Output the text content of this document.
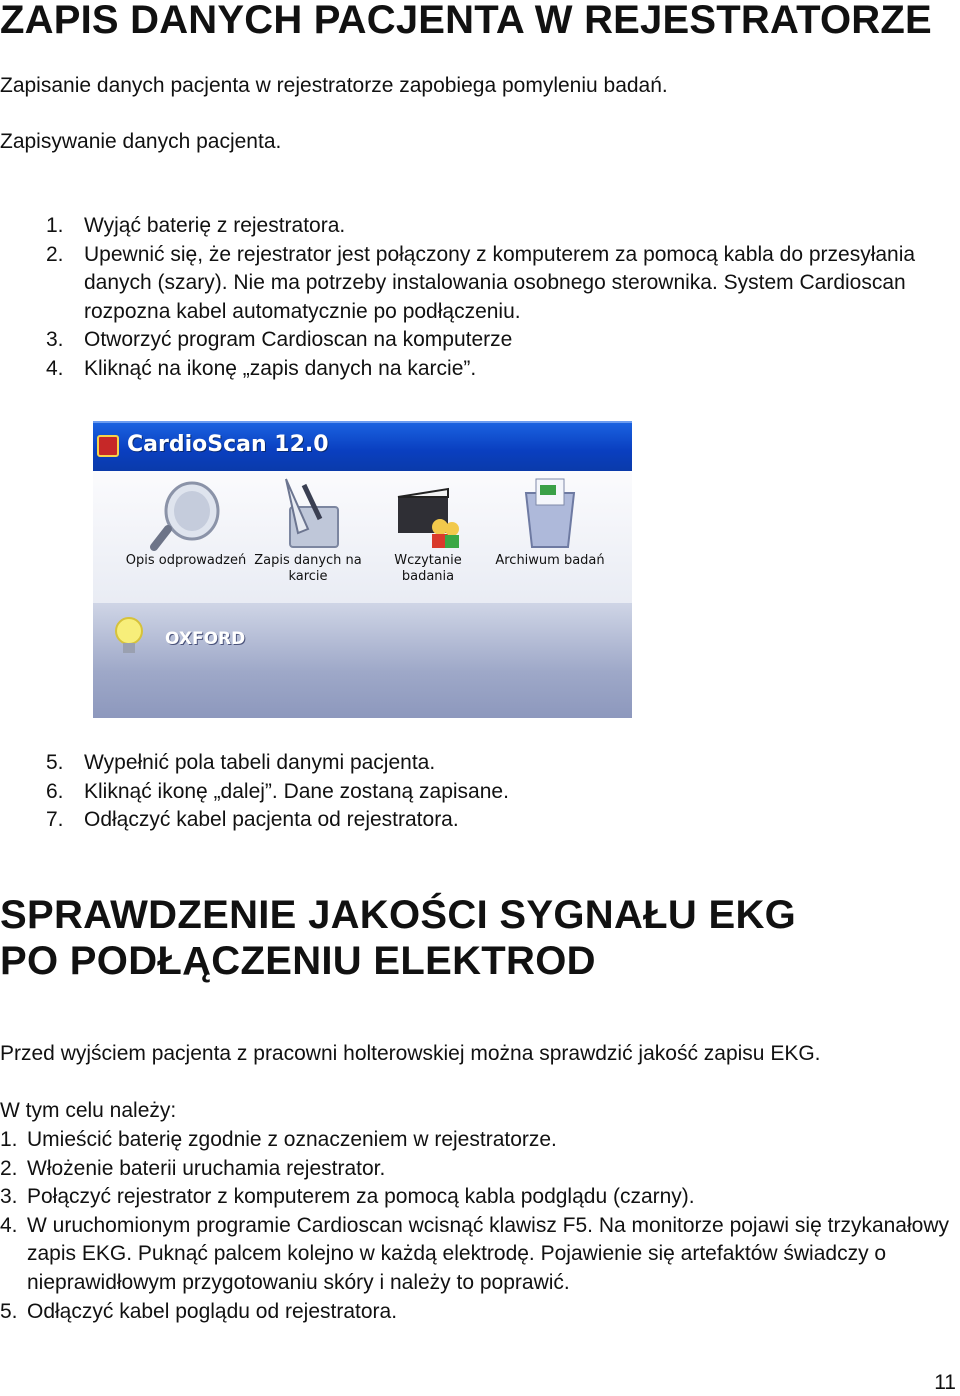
ZAPIS DANYCH PACJENTA W REJESTRATORZE

Zapisanie danych pacjenta w rejestratorze zapobiega pomyleniu badań.

Zapisywanie danych pacjenta.

1. Wyjąć baterię z rejestratora.
2. Upewnić się, że rejestrator jest połączony z komputerem za pomocą kabla do przesyłania danych (szary). Nie ma potrzeby instalowania osobnego sterownika. System Cardioscan rozpozna kabel automatycznie po podłączeniu.
3. Otworzyć program Cardioscan na komputerze
4. Kliknąć na ikonę „zapis danych na karcie”.
CardioScan 12.0
Opis odprowadzeń Zapis danych na karcie
Wczytanie badania
Archiwum badań
OXFORD
5. Wypełnić pola tabeli danymi pacjenta.
6. Kliknąć ikonę „dalej”. Dane zostaną zapisane.
7. Odłączyć kabel pacjenta od rejestratora.
SPRAWDZENIE JAKOŚCI SYGNAŁU EKG
PO PODŁĄCZENIU ELEKTROD

Przed wyjściem pacjenta z pracowni holterowskiej można sprawdzić jakość zapisu EKG.

W tym celu należy:

1. Umieścić baterię zgodnie z oznaczeniem w rejestratorze.
2. Włożenie baterii uruchamia rejestrator.
3. Połączyć rejestrator z komputerem za pomocą kabla podglądu (czarny).
4. W uruchomionym programie Cardioscan wcisnąć klawisz F5. Na monitorze pojawi się trzykanałowy zapis EKG. Puknąć palcem kolejno w każdą elektrodę. Pojawienie się artefaktów świadczy o nieprawidłowym przygotowaniu skóry i należy to poprawić.
5. Odłączyć kabel poglądu od rejestratora.
11
